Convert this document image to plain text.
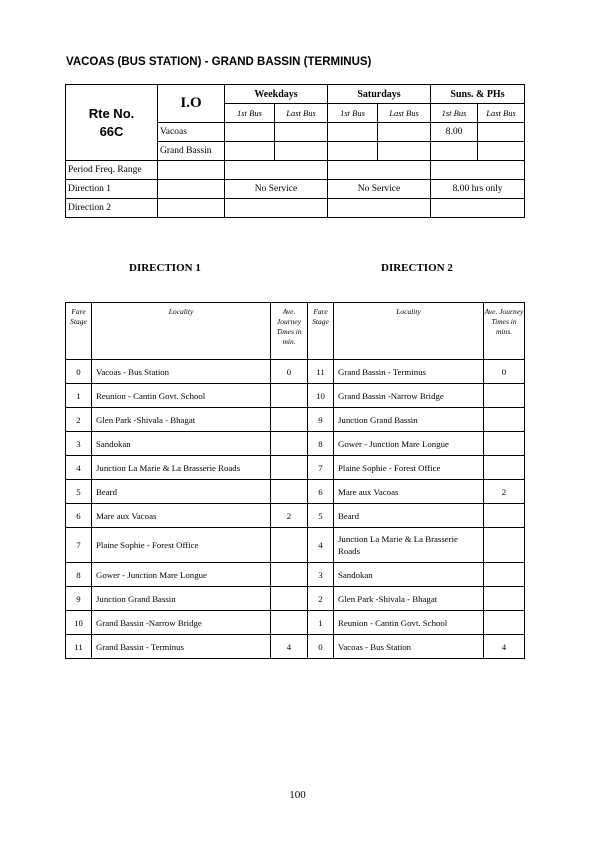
VACOAS (BUS STATION) - GRAND BASSIN (TERMINUS)
Rte No.
66C	I.O	Weekdays		Saturdays		Suns. & PHs	
		1st Bus	Last Bus	1st Bus	Last Bus	1st Bus	Last Bus
	Vacoas					8.00	
	Grand Bassin						
Period Freq. Range							
Direction 1		No Service		No Service		8.00 hrs only	
Direction 2							
DIRECTION 1	DIRECTION 2
Fare Stage	Locality	Ave. Journey Times in min.	Fare Stage	Locality	Ave. Journey Times in mins.
0	Vacoas - Bus Station	0	11	Grand Bassin - Terminus	0
1	Reunion - Cantin Govt. School		10	Grand Bassin -Narrow Bridge	
2	Glen Park -Shivala - Bhagat		9	Junction Grand Bassin	
3	Sandokan		8	Gower - Junction Mare Longue	
4	Junction La Marie & La Brasserie Roads		7	Plaine Sophie - Forest Office	
5	Beard		6	Mare aux Vacoas	2
6	Mare aux Vacoas	2	5	Beard	
7	Plaine Sophie - Forest Office		4	Junction La Marie & La Brasserie Roads	
8	Gower - Junction Mare Longue		3	Sandokan	
9	Junction Grand Bassin		2	Glen Park -Shivala - Bhagat	
10	Grand Bassin -Narrow Bridge		1	Reunion - Cantin Govt. School	
11	Grand Bassin - Terminus	4	0	Vacoas - Bus Station	4
100
